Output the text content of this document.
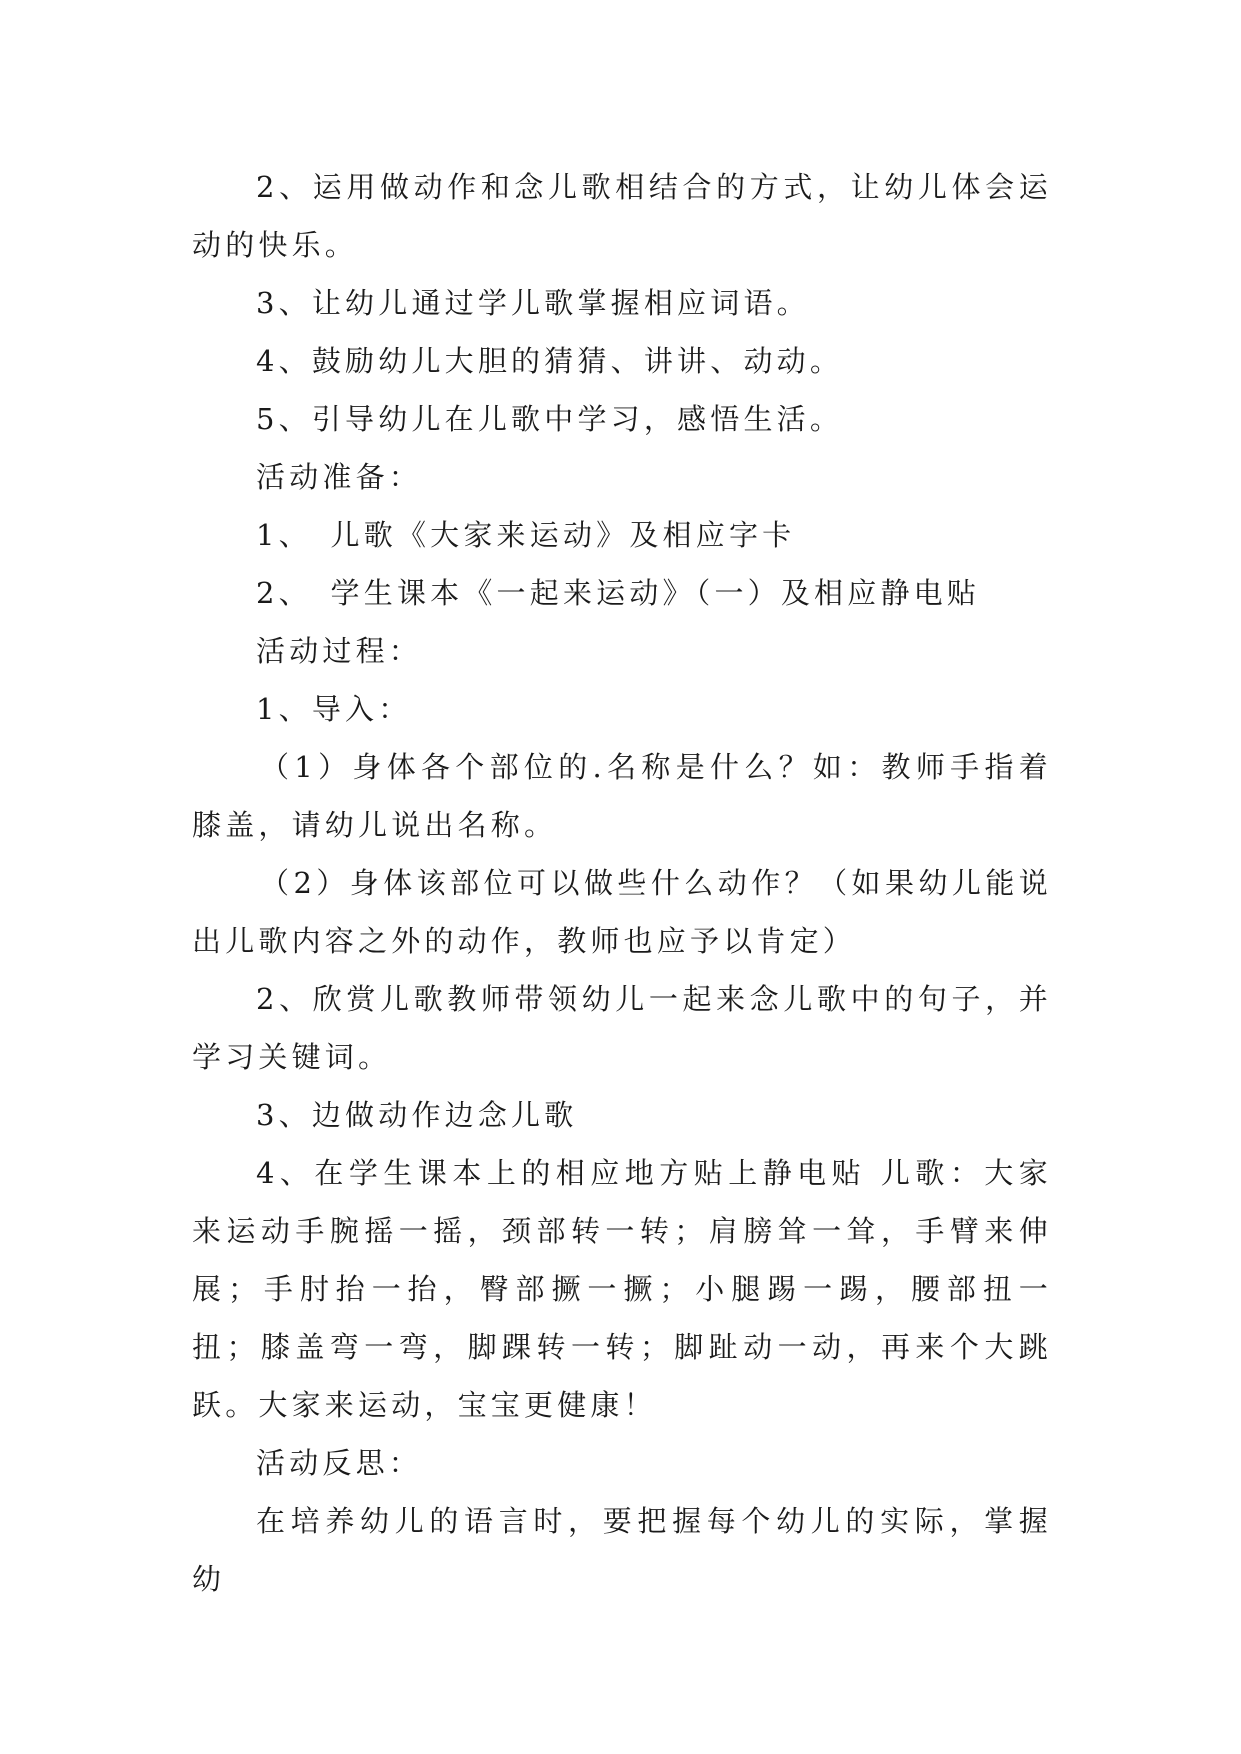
2、运用做动作和念儿歌相结合的方式，让幼儿体会运动的快乐。

3、让幼儿通过学儿歌掌握相应词语。

4、鼓励幼儿大胆的猜猜、讲讲、动动。

5、引导幼儿在儿歌中学习，感悟生活。

活动准备：

1、　儿歌《大家来运动》及相应字卡

2、　学生课本《一起来运动》（一）及相应静电贴

活动过程：

1、导入：

（1）身体各个部位的.名称是什么？如：教师手指着膝盖，请幼儿说出名称。

（2）身体该部位可以做些什么动作？（如果幼儿能说出儿歌内容之外的动作，教师也应予以肯定）

2、欣赏儿歌教师带领幼儿一起来念儿歌中的句子，并学习关键词。

3、边做动作边念儿歌

4、在学生课本上的相应地方贴上静电贴 儿歌：大家来运动手腕摇一摇，颈部转一转；肩膀耸一耸，手臂来伸展；手肘抬一抬，臀部撅一撅；小腿踢一踢，腰部扭一扭；膝盖弯一弯，脚踝转一转；脚趾动一动，再来个大跳跃。大家来运动，宝宝更健康！

活动反思：

在培养幼儿的语言时，要把握每个幼儿的实际，掌握幼
